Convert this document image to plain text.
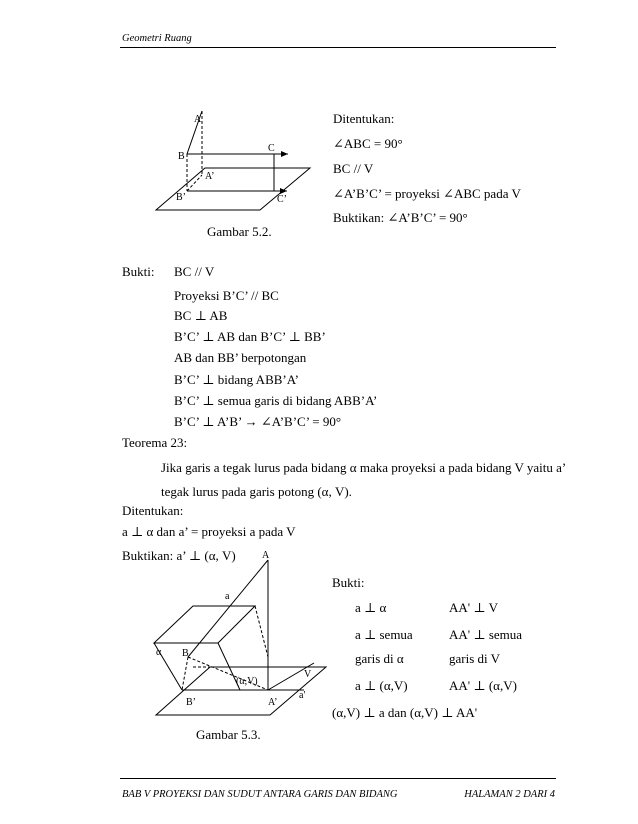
Geometri Ruang
A
B
C
A’
B’	C’
Gambar 5.2.
Ditentukan:
∠ABC = 90°
BC // V
∠A’B’C’ = proyeksi ∠ABC pada V
Buktikan: ∠A’B’C’ = 90°
Bukti: BC // V
Proyeksi B’C’ // BC
BC ⊥ AB
B’C’ ⊥ AB dan B’C’ ⊥ BB’
AB dan BB’ berpotongan
B’C’ ⊥ bidang ABB’A’
B’C’ ⊥ semua garis di bidang ABB’A’
B’C’ ⊥ A’B’ → ∠A’B’C’ = 90°
Teorema 23:
Jika garis a tegak lurus pada bidang α maka proyeksi a pada bidang V yaitu a’
tegak lurus pada garis potong (α, V).
Ditentukan:
a ⊥ α dan a’ = proyeksi a pada V
Buktikan: a’ ⊥ (α, V)	A
a
α B
V
(α,V)
a'
B’	A’
Gambar 5.3.
Bukti:
a ⊥ α	AA' ⊥ V
a ⊥ semua	AA' ⊥ semua
garis di α	garis di V
a ⊥ (α,V)	AA' ⊥ (α,V)
(α,V) ⊥ a dan (α,V) ⊥ AA'
BAB V PROYEKSI DAN SUDUT ANTARA GARIS DAN BIDANG	HALAMAN 2 DARI 4
